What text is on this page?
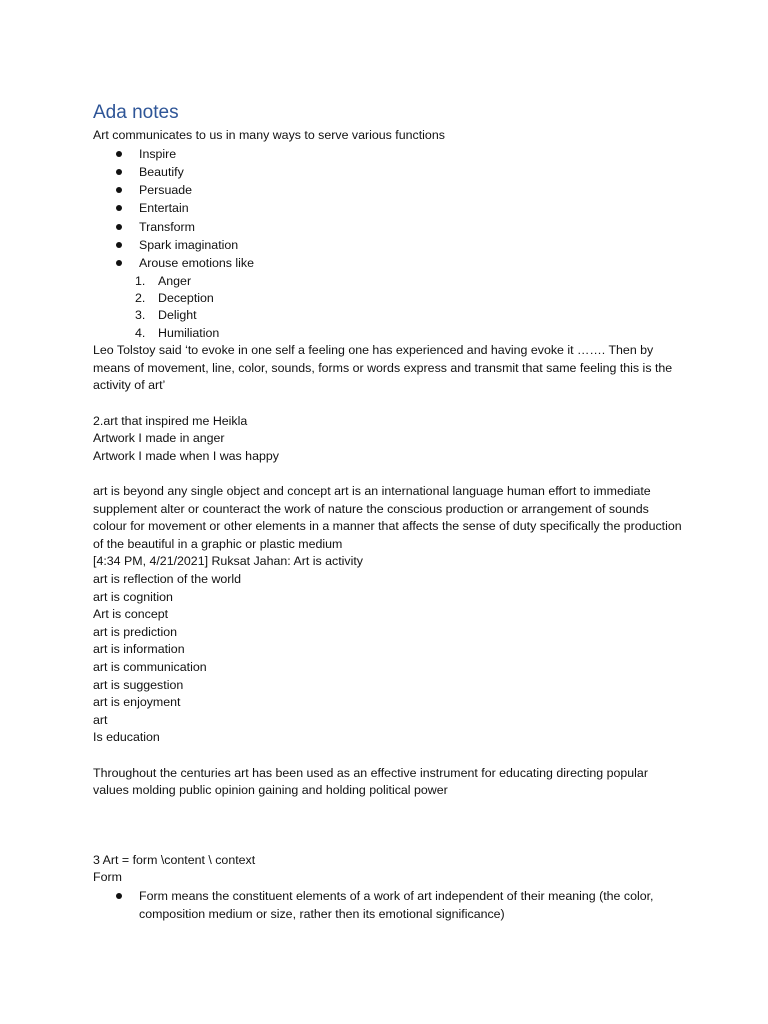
Ada notes
Art communicates to us in many ways to serve various functions
Inspire
Beautify
Persuade
Entertain
Transform
Spark imagination
Arouse emotions like
1. Anger
2. Deception
3. Delight
4. Humiliation
Leo Tolstoy said ‘to evoke in one self a feeling one has experienced and having evoke it ……. Then by means of movement, line, color, sounds, forms or words express and transmit that same feeling this is the activity of art’
2.art that inspired me Heikla
Artwork I made in anger
Artwork I made when I was happy
art is beyond any single object and concept art is an international language human effort to immediate supplement alter or counteract the work of nature the conscious production or arrangement of sounds colour for movement or other elements in a manner that affects the sense of duty specifically the production of the beautiful in a graphic or plastic medium
[4:34 PM, 4/21/2021] Ruksat Jahan: Art is activity
art is reflection of the world
art is cognition
Art is concept
art is prediction
art is information
art is communication
art is suggestion
art is enjoyment
art
Is education
Throughout the centuries art has been used as an effective instrument for educating directing popular values molding public opinion gaining and holding political power
3 Art = form \content \ context
Form
Form means the constituent elements of a work of art independent of their meaning (the color, composition medium or size, rather then its emotional significance)
